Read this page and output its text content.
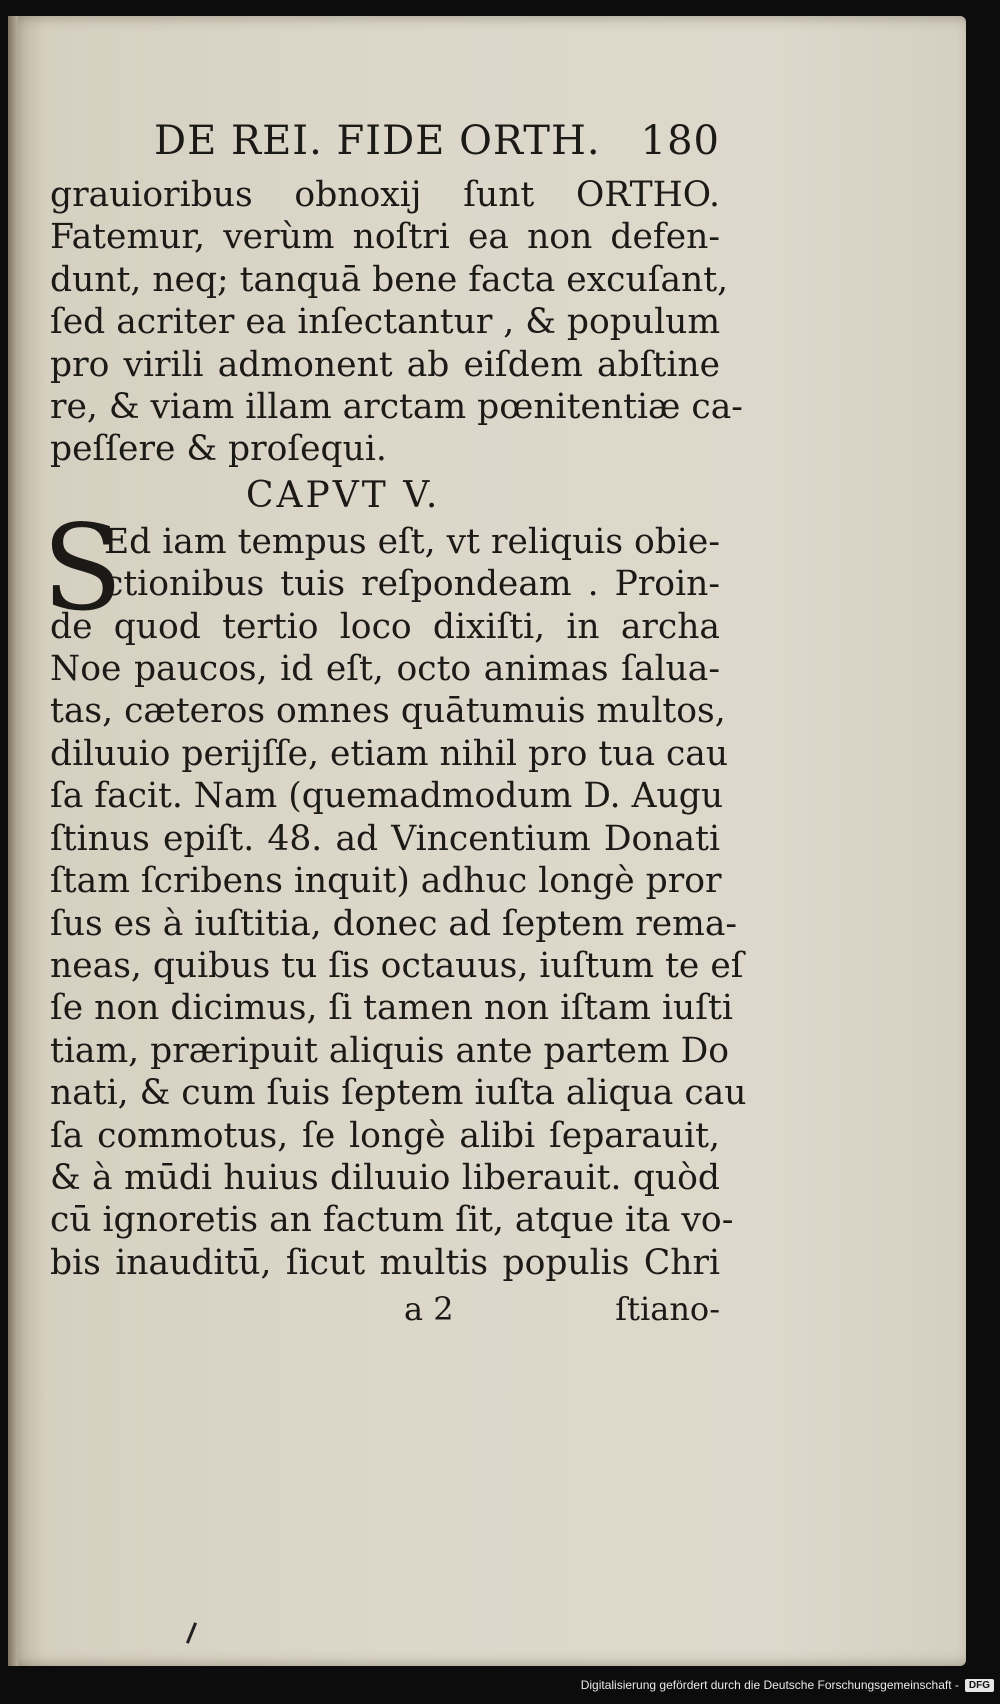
DE REI. FIDE ORTH. 180
grauioribus obnoxij ſunt ORTHO.
Fatemur, verùm noſtri ea non defen-
dunt, neq; tanquā bene facta excuſant,
ſed acriter ea inſectantur , & populum
pro virili admonent ab eiſdem abſtine
re, & viam illam arctam pœnitentiæ ca-
peſſere & proſequi.
CAPVT V.
S
Ed iam tempus eſt, vt reliquis obie-
ctionibus tuis reſpondeam . Proin-
de quod tertio loco dixiſti, in archa
Noe paucos, id eſt, octo animas ſalua-
tas, cæteros omnes quātumuis multos,
diluuio perijſſe, etiam nihil pro tua cau
ſa facit. Nam (quemadmodum D. Augu
ſtinus epiſt. 48. ad Vincentium Donati
ſtam ſcribens inquit) adhuc longè pror
ſus es à iuſtitia, donec ad ſeptem rema-
neas, quibus tu ſis octauus, iuſtum te eſ
ſe non dicimus, ſi tamen non iſtam iuſti
tiam, præripuit aliquis ante partem Do
nati, & cum ſuis ſeptem iuſta aliqua cau
ſa commotus, ſe longè alibi ſeparauit,
& à mūdi huius diluuio liberauit. quòd
cū ignoretis an factum ſit, atque ita vo-
bis inauditū, ſicut multis populis Chri
a 2	ſtiano-
Digitalisierung gefördert durch die Deutsche Forschungsgemeinschaft -	DFG
